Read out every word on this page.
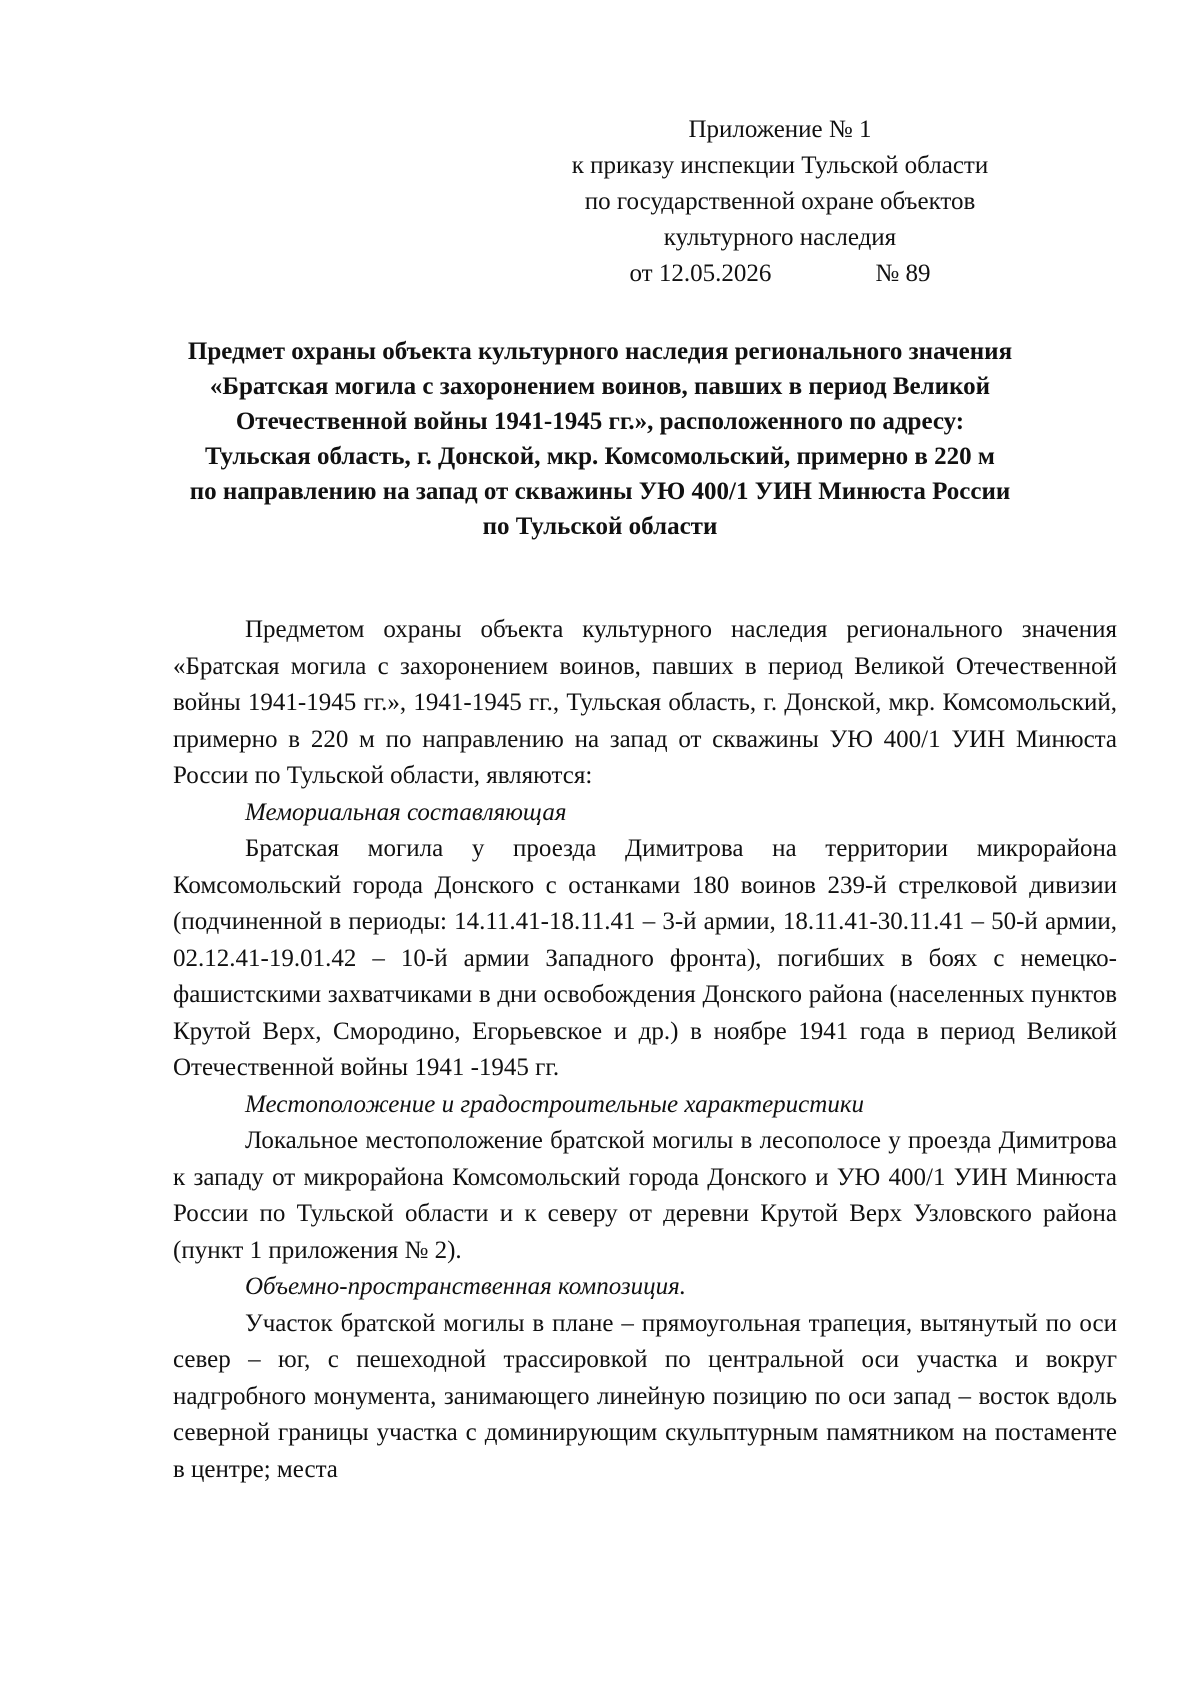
Приложение № 1
к приказу инспекции Тульской области
по государственной охране объектов
культурного наследия
от 12.05.2026	№ 89
Предмет охраны объекта культурного наследия регионального значения
«Братская могила с захоронением воинов, павших в период Великой
Отечественной войны 1941-1945 гг.», расположенного по адресу:
Тульская область, г. Донской, мкр. Комсомольский, примерно в 220 м
по направлению на запад от скважины УЮ 400/1 УИН Минюста России
по Тульской области

Предметом охраны объекта культурного наследия регионального значения «Братская могила с захоронением воинов, павших в период Великой Отечественной войны 1941-1945 гг.», 1941-1945 гг., Тульская область, г. Донской, мкр. Комсомольский, примерно в 220 м по направлению на запад от скважины УЮ 400/1 УИН Минюста России по Тульской области, являются:

Мемориальная составляющая

Братская могила у проезда Димитрова на территории микрорайона Комсомольский города Донского с останками 180 воинов 239-й стрелковой дивизии (подчиненной в периоды: 14.11.41-18.11.41 – 3-й армии, 18.11.41-30.11.41 – 50-й армии, 02.12.41-19.01.42 – 10-й армии Западного фронта), погибших в боях с немецко-фашистскими захватчиками в дни освобождения Донского района (населенных пунктов Крутой Верх, Смородино, Егорьевское и др.) в ноябре 1941 года в период Великой Отечественной войны 1941 -1945 гг.

Местоположение и градостроительные характеристики

Локальное местоположение братской могилы в лесополосе у проезда Димитрова к западу от микрорайона Комсомольский города Донского и УЮ 400/1 УИН Минюста России по Тульской области и к северу от деревни Крутой Верх Узловского района (пункт 1 приложения № 2).

Объемно-пространственная композиция.

Участок братской могилы в плане – прямоугольная трапеция, вытянутый по оси север – юг, с пешеходной трассировкой по центральной оси участка и вокруг надгробного монумента, занимающего линейную позицию по оси запад – восток вдоль северной границы участка с доминирующим скульптурным памятником на постаменте в центре; места
